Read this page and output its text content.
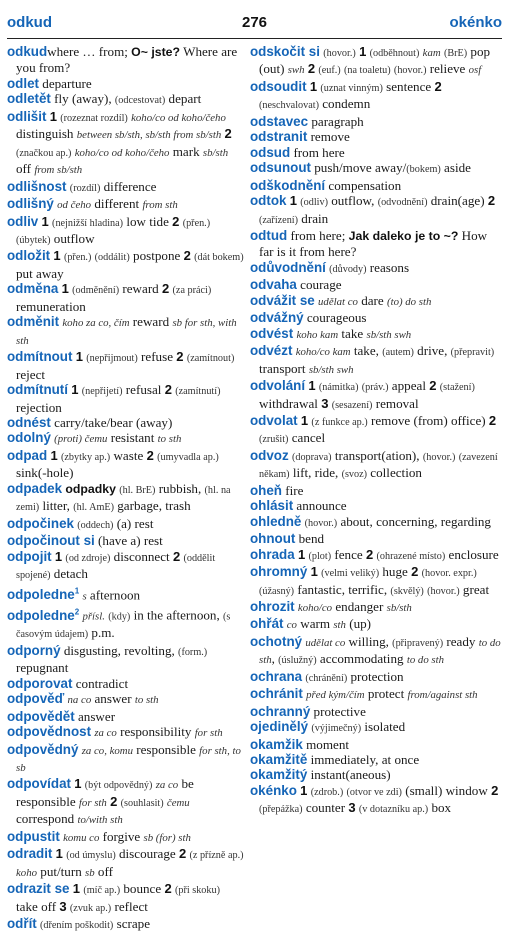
odkud	276	okénko

odkudwhere … from; O~ jste? Where are you from?

odlet departure

odletět fly (away), (odcestovat) depart

odlišit 1 (rozeznat rozdíl) koho/co od koho/čeho distinguish between sb/sth, sb/sth from sb/sth 2 (značkou ap.) koho/co od koho/čeho mark sb/sth off from sb/sth

odlišnost (rozdíl) difference

odlišný od čeho different from sth

odliv 1 (nejnižší hladina) low tide 2 (přen.) (úbytek) outflow

odložit 1 (přen.) (oddálit) postpone 2 (dát bokem) put away

odměna 1 (odměnění) reward 2 (za práci) remuneration

odměnit koho za co, čím reward sb for sth, with sth

odmítnout 1 (nepřijmout) refuse 2 (zamítnout) reject

odmítnutí 1 (nepřijetí) refusal 2 (zamítnutí) rejection

odnést carry/take/bear (away)

odolný (proti) čemu resistant to sth

odpad 1 (zbytky ap.) waste 2 (umyvadla ap.) sink(-hole)

odpadek odpadky (hl. BrE) rubbish, (hl. na zemi) litter, (hl. AmE) garbage, trash

odpočinek (oddech) (a) rest

odpočinout si (have a) rest

odpojit 1 (od zdroje) disconnect 2 (oddělit spojené) detach

odpoledne$^1$ s afternoon

odpoledne$^2$ přísl. (kdy) in the afternoon, (s časovým údajem) p.m.

odporný disgusting, revolting, (form.) repugnant

odporovat contradict

odpověď na co answer to sth

odpovědět answer

odpovědnost za co responsibility for sth

odpovědný za co, komu responsible for sth, to sb

odpovídat 1 (být odpovědný) za co be responsible for sth 2 (souhlasit) čemu correspond to/with sth

odpustit komu co forgive sb (for) sth

odradit 1 (od úmyslu) discourage 2 (z přízně ap.) koho put/turn sb off

odrazit se 1 (míč ap.) bounce 2 (při skoku) take off 3 (zvuk ap.) reflect

odřít (dřením poškodit) scrape

odskočit si (hovor.) 1 (odběhnout) kam (BrE) pop (out) swh 2 (euf.) (na toaletu) (hovor.) relieve osf

odsoudit 1 (uznat vinným) sentence 2 (neschvalovat) condemn

odstavec paragraph

odstranit remove

odsud from here

odsunout push/move away/(bokem) aside

odškodnění compensation

odtok 1 (odliv) outflow, (odvodnění) drain(age) 2 (zařízení) drain

odtud from here; Jak daleko je to ~? How far is it from here?

odůvodnění (důvody) reasons

odvaha courage

odvážit se udělat co dare (to) do sth

odvážný courageous

odvést koho kam take sb/sth swh

odvézt koho/co kam take, (autem) drive, (přepravit) transport sb/sth swh

odvolání 1 (námitka) (práv.) appeal 2 (stažení) withdrawal 3 (sesazení) removal

odvolat 1 (z funkce ap.) remove (from) office) 2 (zrušit) cancel

odvoz (doprava) transport(ation), (hovor.) (zavezení někam) lift, ride, (svoz) collection

oheň fire

ohlásit announce

ohledně (hovor.) about, concerning, regarding

ohnout bend

ohrada 1 (plot) fence 2 (ohrazené místo) enclosure

ohromný 1 (velmi veliký) huge 2 (hovor. expr.) (úžasný) fantastic, terrific, (skvělý) (hovor.) great

ohrozit koho/co endanger sb/sth

ohřát co warm sth (up)

ochotný udělat co willing, (připravený) ready to do sth, (úslužný) accommodating to do sth

ochrana (chránění) protection

ochránit před kým/čím protect from/against sth

ochranný protective

ojedinělý (výjimečný) isolated

okamžik moment

okamžitě immediately, at once

okamžitý instant(aneous)

okénko 1 (zdrob.) (otvor ve zdi) (small) window 2 (přepážka) counter 3 (v dotazníku ap.) box
